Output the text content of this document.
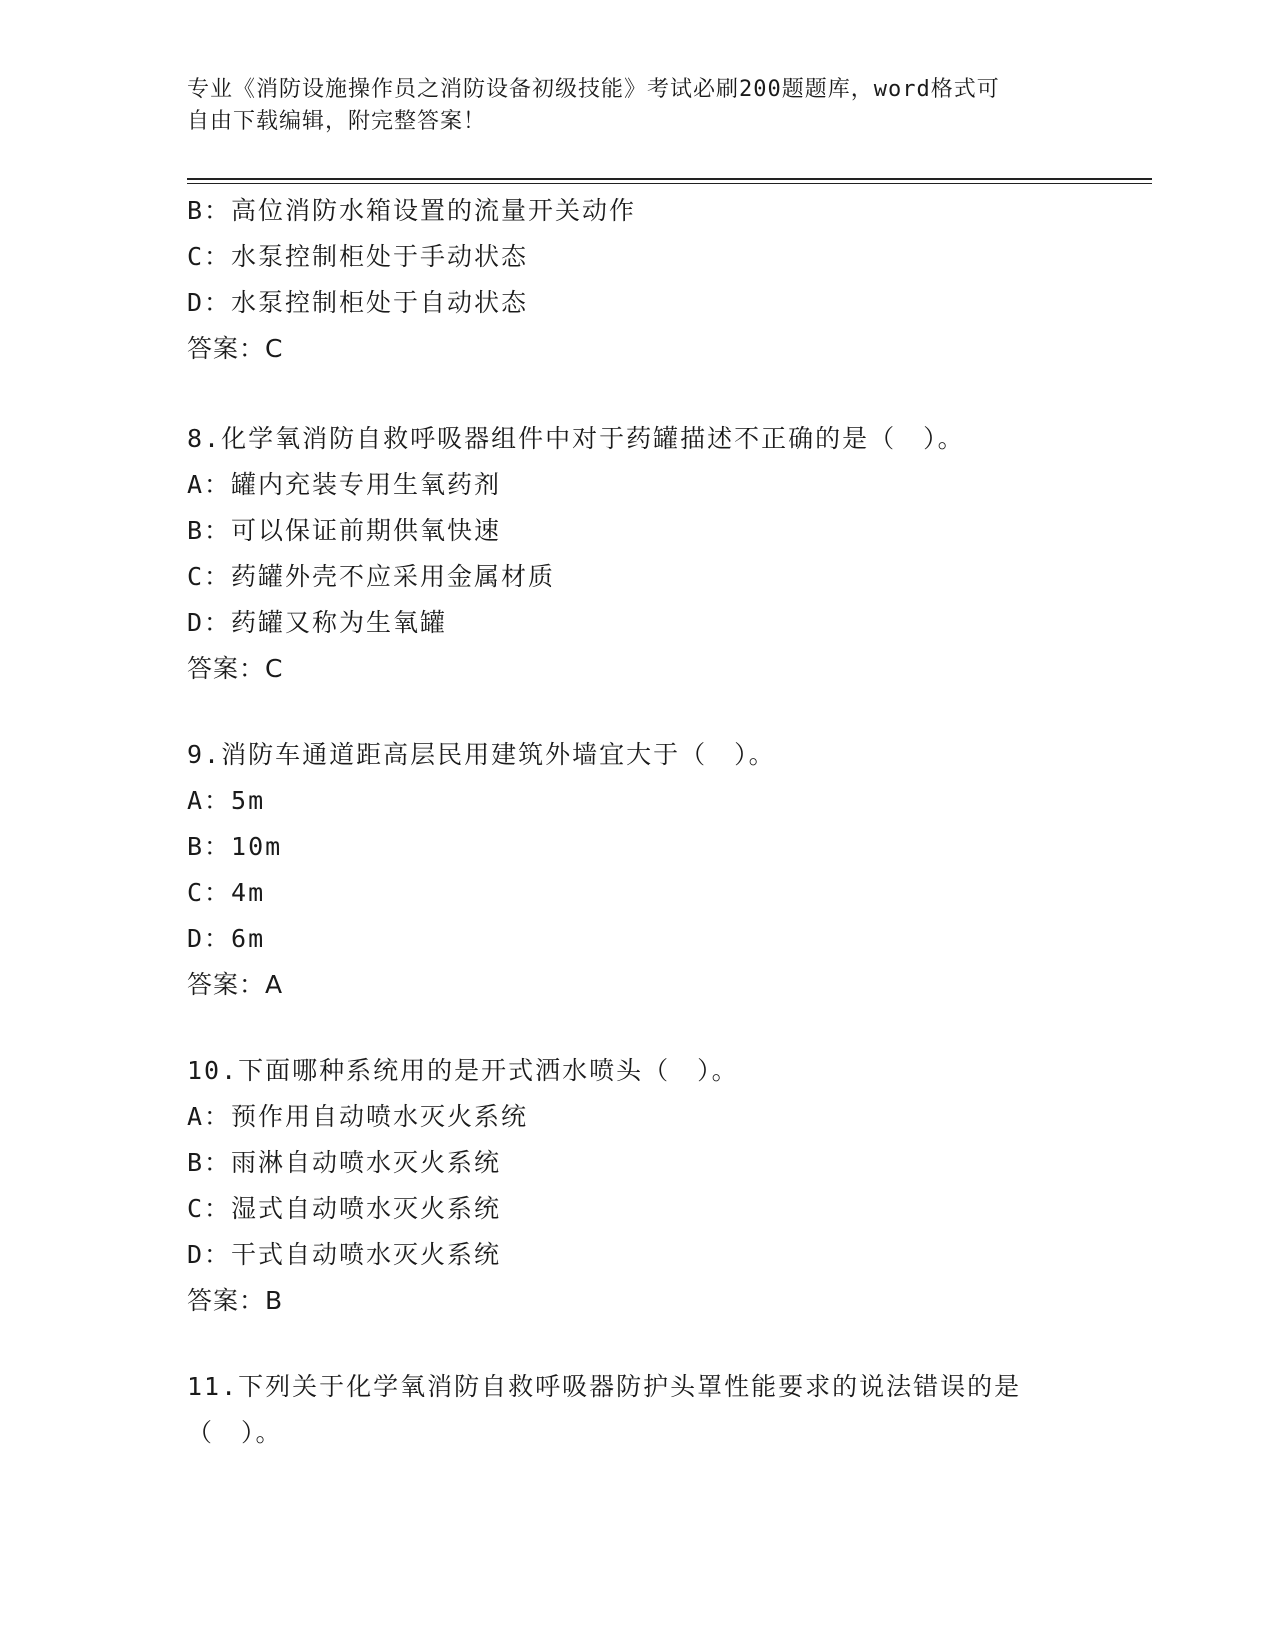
专业《消防设施操作员之消防设备初级技能》考试必刷200题题库，word格式可
自由下载编辑，附完整答案！
B：高位消防水箱设置的流量开关动作
C：水泵控制柜处于手动状态
D：水泵控制柜处于自动状态
答案：C
8.化学氧消防自救呼吸器组件中对于药罐描述不正确的是（　）。
A：罐内充装专用生氧药剂
B：可以保证前期供氧快速
C：药罐外壳不应采用金属材质
D：药罐又称为生氧罐
答案：C
9.消防车通道距高层民用建筑外墙宜大于（　）。
A：5m
B：10m
C：4m
D：6m
答案：A
10.下面哪种系统用的是开式洒水喷头（　）。
A：预作用自动喷水灭火系统
B：雨淋自动喷水灭火系统
C：湿式自动喷水灭火系统
D：干式自动喷水灭火系统
答案：B
11.下列关于化学氧消防自救呼吸器防护头罩性能要求的说法错误的是
（　）。
